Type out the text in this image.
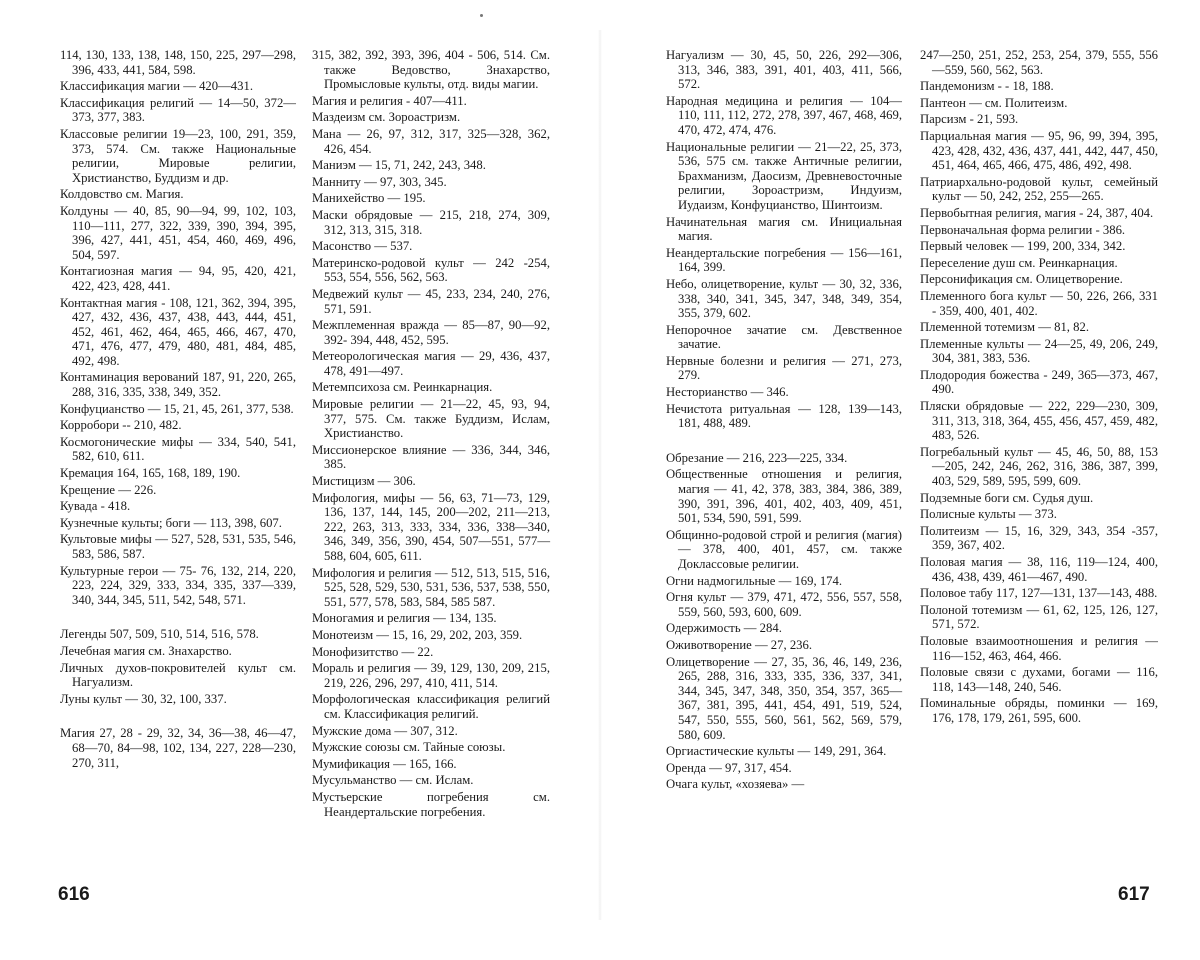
114, 130, 133, 138, 148, 150, 225, 297—298, 396, 433, 441, 584, 598.

Классификация магии — 420—431.

Классификация религий — 14—50, 372—373, 377, 383.

Классовые религии 19—23, 100, 291, 359, 373, 574. См. также Национальные религии, Мировые религии, Христианство, Буддизм и др.

Колдовство см. Магия.

Колдуны — 40, 85, 90—94, 99, 102, 103, 110—111, 277, 322, 339, 390, 394, 395, 396, 427, 441, 451, 454, 460, 469, 496, 504, 597.

Контагиозная магия — 94, 95, 420, 421, 422, 423, 428, 441.

Контактная магия - 108, 121, 362, 394, 395, 427, 432, 436, 437, 438, 443, 444, 451, 452, 461, 462, 464, 465, 466, 467, 470, 471, 476, 477, 479, 480, 481, 484, 485, 492, 498.

Контаминация верований 187, 91, 220, 265, 288, 316, 335, 338, 349, 352.

Конфуцианство — 15, 21, 45, 261, 377, 538.

Корробори -- 210, 482.

Космогонические мифы — 334, 540, 541, 582, 610, 611.

Кремация 164, 165, 168, 189, 190.

Крещение — 226.

Кувада - 418.

Кузнечные культы; боги — 113, 398, 607.

Культовые мифы — 527, 528, 531, 535, 546, 583, 586, 587.

Культурные герои — 75- 76, 132, 214, 220, 223, 224, 329, 333, 334, 335, 337—339, 340, 344, 345, 511, 542, 548, 571.

Легенды 507, 509, 510, 514, 516, 578.

Лечебная магия см. Знахарство.

Личных духов-покровителей культ см. Нагуализм.

Луны культ — 30, 32, 100, 337.

Магия 27, 28 - 29, 32, 34, 36—38, 46—47, 68—70, 84—98, 102, 134, 227, 228—230, 270, 311,

315, 382, 392, 393, 396, 404 - 506, 514. См. также Ведовство, Знахарство, Промысловые культы, отд. виды магии.

Магия и религия - 407—411.

Маздеизм см. Зороастризм.

Мана — 26, 97, 312, 317, 325—328, 362, 426, 454.

Маниэм — 15, 71, 242, 243, 348.

Манниту — 97, 303, 345.

Манихейство — 195.

Маски обрядовые — 215, 218, 274, 309, 312, 313, 315, 318.

Масонство — 537.

Материнско-родовой культ — 242 -254, 553, 554, 556, 562, 563.

Медвежий культ — 45, 233, 234, 240, 276, 571, 591.

Межплеменная вражда — 85—87, 90—92, 392- 394, 448, 452, 595.

Метеорологическая магия — 29, 436, 437, 478, 491—497.

Метемпсихоза см. Реинкарнация.

Мировые религии — 21—22, 45, 93, 94, 377, 575. См. также Буддизм, Ислам, Христианство.

Миссионерское влияние — 336, 344, 346, 385.

Мистицизм — 306.

Мифология, мифы — 56, 63, 71—73, 129, 136, 137, 144, 145, 200—202, 211—213, 222, 263, 313, 333, 334, 336, 338—340, 346, 349, 356, 390, 454, 507—551, 577—588, 604, 605, 611.

Мифология и религия — 512, 513, 515, 516, 525, 528, 529, 530, 531, 536, 537, 538, 550, 551, 577, 578, 583, 584, 585 587.

Моногамия и религия — 134, 135.

Монотеизм — 15, 16, 29, 202, 203, 359.

Монофизитство — 22.

Мораль и религия — 39, 129, 130, 209, 215, 219, 226, 296, 297, 410, 411, 514.

Морфологическая классификация религий см. Классификация религий.

Мужские дома — 307, 312.

Мужские союзы см. Тайные союзы.

Мумификация — 165, 166.

Мусульманство — см. Ислам.

Мустьерские погребения см. Неандертальские погребения.

616

Нагуализм — 30, 45, 50, 226, 292—306, 313, 346, 383, 391, 401, 403, 411, 566, 572.

Народная медицина и религия — 104—110, 111, 112, 272, 278, 397, 467, 468, 469, 470, 472, 474, 476.

Национальные религии — 21—22, 25, 373, 536, 575 см. также Античные религии, Брахманизм, Даосизм, Древневосточные религии, Зороастризм, Индуизм, Иудаизм, Конфуцианство, Шинтоизм.

Начинательная магия см. Инициальная магия.

Неандертальские погребения — 156—161, 164, 399.

Небо, олицетворение, культ — 30, 32, 336, 338, 340, 341, 345, 347, 348, 349, 354, 355, 379, 602.

Непорочное зачатие см. Девственное зачатие.

Нервные болезни и религия — 271, 273, 279.

Несторианство — 346.

Нечистота ритуальная — 128, 139—143, 181, 488, 489.

Обрезание — 216, 223—225, 334.

Общественные отношения и религия, магия — 41, 42, 378, 383, 384, 386, 389, 390, 391, 396, 401, 402, 403, 409, 451, 501, 534, 590, 591, 599.

Общинно-родовой строй и религия (магия) — 378, 400, 401, 457, см. также Доклассовые религии.

Огни надмогильные — 169, 174.

Огня культ — 379, 471, 472, 556, 557, 558, 559, 560, 593, 600, 609.

Одержимость — 284.

Оживотворение — 27, 236.

Олицетворение — 27, 35, 36, 46, 149, 236, 265, 288, 316, 333, 335, 336, 337, 341, 344, 345, 347, 348, 350, 354, 357, 365—367, 381, 395, 441, 454, 491, 519, 524, 547, 550, 555, 560, 561, 562, 569, 579, 580, 609.

Оргиастические культы — 149, 291, 364.

Оренда — 97, 317, 454.

Очага культ, «хозяева» —

247—250, 251, 252, 253, 254, 379, 555, 556—559, 560, 562, 563.

Пандемонизм - - 18, 188.

Пантеон — см. Политеизм.

Парсизм - 21, 593.

Парциальная магия — 95, 96, 99, 394, 395, 423, 428, 432, 436, 437, 441, 442, 447, 450, 451, 464, 465, 466, 475, 486, 492, 498.

Патриархально-родовой культ, семейный культ — 50, 242, 252, 255—265.

Первобытная религия, магия - 24, 387, 404.

Первоначальная форма религии - 386.

Первый человек — 199, 200, 334, 342.

Переселение душ см. Реинкарнация.

Персонификация см. Олицетворение.

Племенного бога культ — 50, 226, 266, 331 - 359, 400, 401, 402.

Племенной тотемизм — 81, 82.

Племенные культы — 24—25, 49, 206, 249, 304, 381, 383, 536.

Плодородия божества - 249, 365—373, 467, 490.

Пляски обрядовые — 222, 229—230, 309, 311, 313, 318, 364, 455, 456, 457, 459, 482, 483, 526.

Погребальный культ — 45, 46, 50, 88, 153—205, 242, 246, 262, 316, 386, 387, 399, 403, 529, 589, 595, 599, 609.

Подземные боги см. Судья душ.

Полисные культы — 373.

Политеизм — 15, 16, 329, 343, 354 -357, 359, 367, 402.

Половая магия — 38, 116, 119—124, 400, 436, 438, 439, 461—467, 490.

Половое табу 117, 127—131, 137—143, 488.

Полоной тотемизм — 61, 62, 125, 126, 127, 571, 572.

Половые взаимоотношения и религия — 116—152, 463, 464, 466.

Половые связи с духами, богами — 116, 118, 143—148, 240, 546.

Поминальные обряды, поминки — 169, 176, 178, 179, 261, 595, 600.

617
